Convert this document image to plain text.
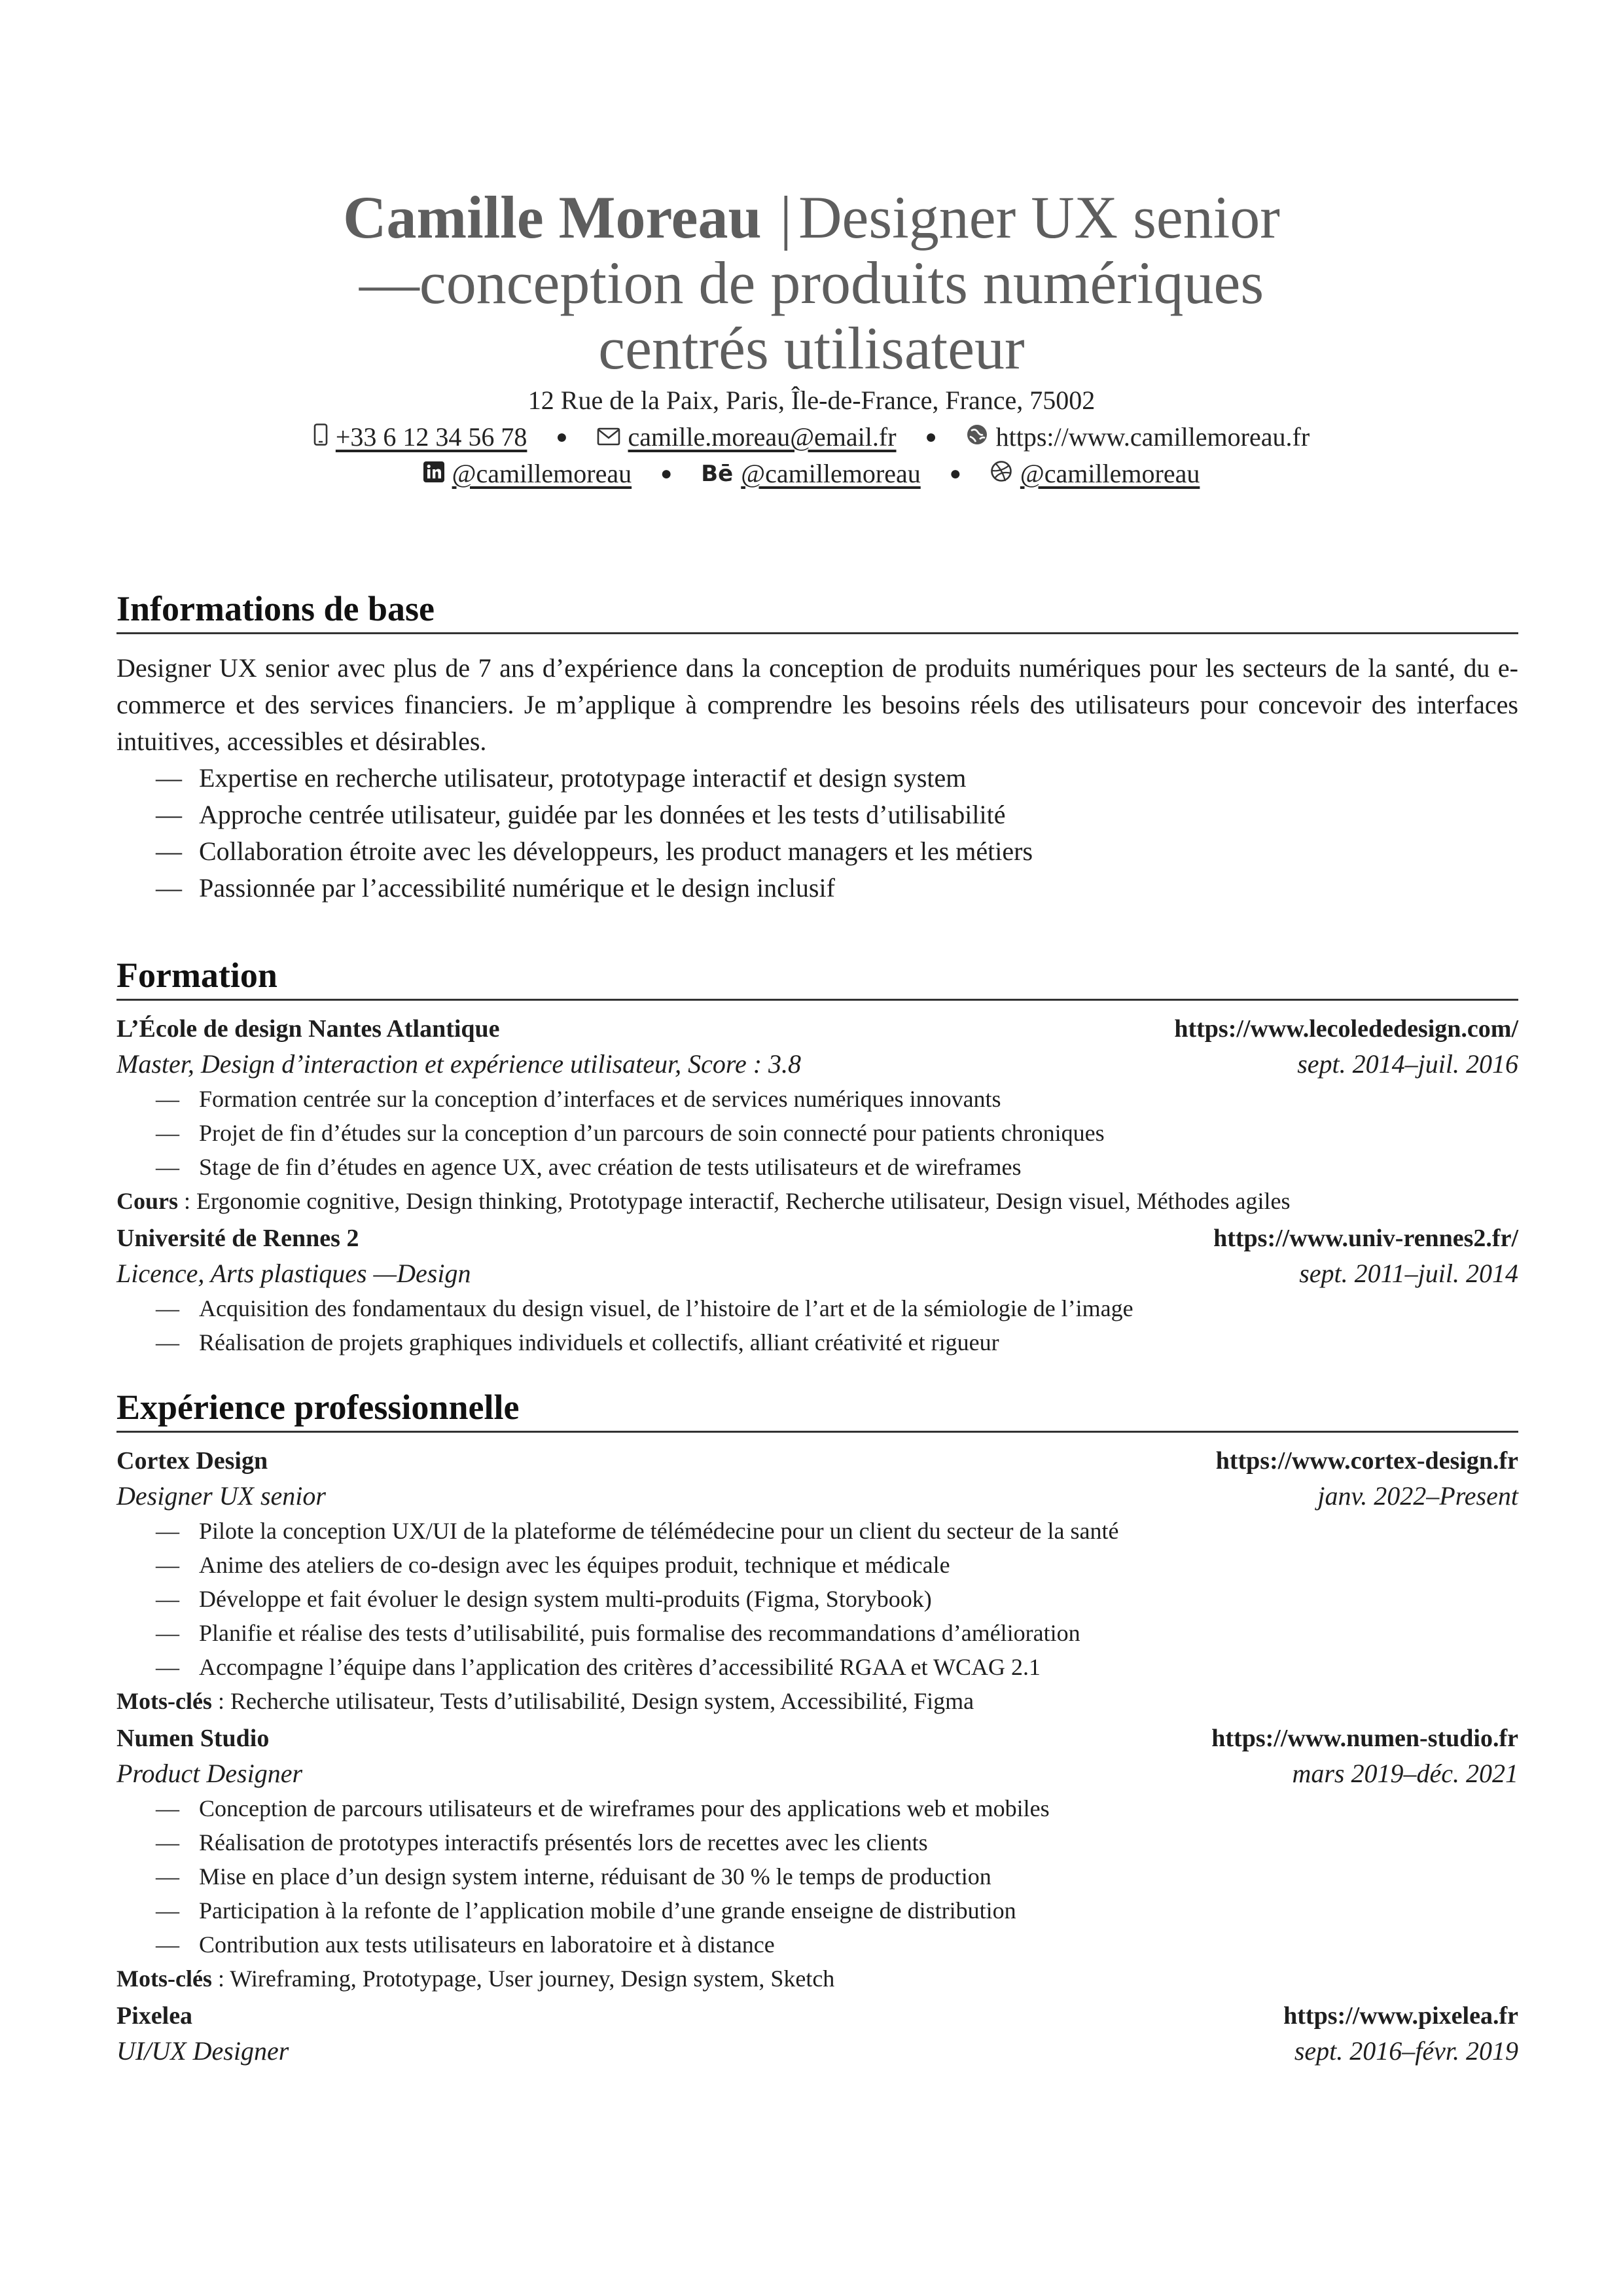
Camille Moreau | Designer UX senior
—conception de produits numériques
centrés utilisateur
12 Rue de la Paix, Paris, Île-de-France, France, 75002
+33 6 12 34 56 78 ● camille.moreau@email.fr ● https://www.camillemoreau.fr
@camillemoreau ● Bē @camillemoreau ● @camillemoreau
Informations de base
Designer UX senior avec plus de 7 ans d’expérience dans la conception de produits numériques pour les secteurs de la santé, du e-commerce et des services financiers. Je m’applique à comprendre les besoins réels des utilisateurs pour concevoir des interfaces intuitives, accessibles et désirables.
— Expertise en recherche utilisateur, prototypage interactif et design system
— Approche centrée utilisateur, guidée par les données et les tests d’utilisabilité
— Collaboration étroite avec les développeurs, les product managers et les métiers
— Passionnée par l’accessibilité numérique et le design inclusif
Formation
L’École de design Nantes Atlantique	https://www.lecolededesign.com/
Master, Design d’interaction et expérience utilisateur, Score : 3.8	sept. 2014–juil. 2016
— Formation centrée sur la conception d’interfaces et de services numériques innovants
— Projet de fin d’études sur la conception d’un parcours de soin connecté pour patients chroniques
— Stage de fin d’études en agence UX, avec création de tests utilisateurs et de wireframes
Cours : Ergonomie cognitive, Design thinking, Prototypage interactif, Recherche utilisateur, Design visuel, Méthodes agiles
Université de Rennes 2	https://www.univ-rennes2.fr/
Licence, Arts plastiques —Design	sept. 2011–juil. 2014
— Acquisition des fondamentaux du design visuel, de l’histoire de l’art et de la sémiologie de l’image
— Réalisation de projets graphiques individuels et collectifs, alliant créativité et rigueur
Expérience professionnelle
Cortex Design	https://www.cortex-design.fr
Designer UX senior	janv. 2022–Present
— Pilote la conception UX/UI de la plateforme de télémédecine pour un client du secteur de la santé
— Anime des ateliers de co-design avec les équipes produit, technique et médicale
— Développe et fait évoluer le design system multi-produits (Figma, Storybook)
— Planifie et réalise des tests d’utilisabilité, puis formalise des recommandations d’amélioration
— Accompagne l’équipe dans l’application des critères d’accessibilité RGAA et WCAG 2.1
Mots-clés : Recherche utilisateur, Tests d’utilisabilité, Design system, Accessibilité, Figma
Numen Studio	https://www.numen-studio.fr
Product Designer	mars 2019–déc. 2021
— Conception de parcours utilisateurs et de wireframes pour des applications web et mobiles
— Réalisation de prototypes interactifs présentés lors de recettes avec les clients
— Mise en place d’un design system interne, réduisant de 30 % le temps de production
— Participation à la refonte de l’application mobile d’une grande enseigne de distribution
— Contribution aux tests utilisateurs en laboratoire et à distance
Mots-clés : Wireframing, Prototypage, User journey, Design system, Sketch
Pixelea	https://www.pixelea.fr
UI/UX Designer	sept. 2016–févr. 2019
